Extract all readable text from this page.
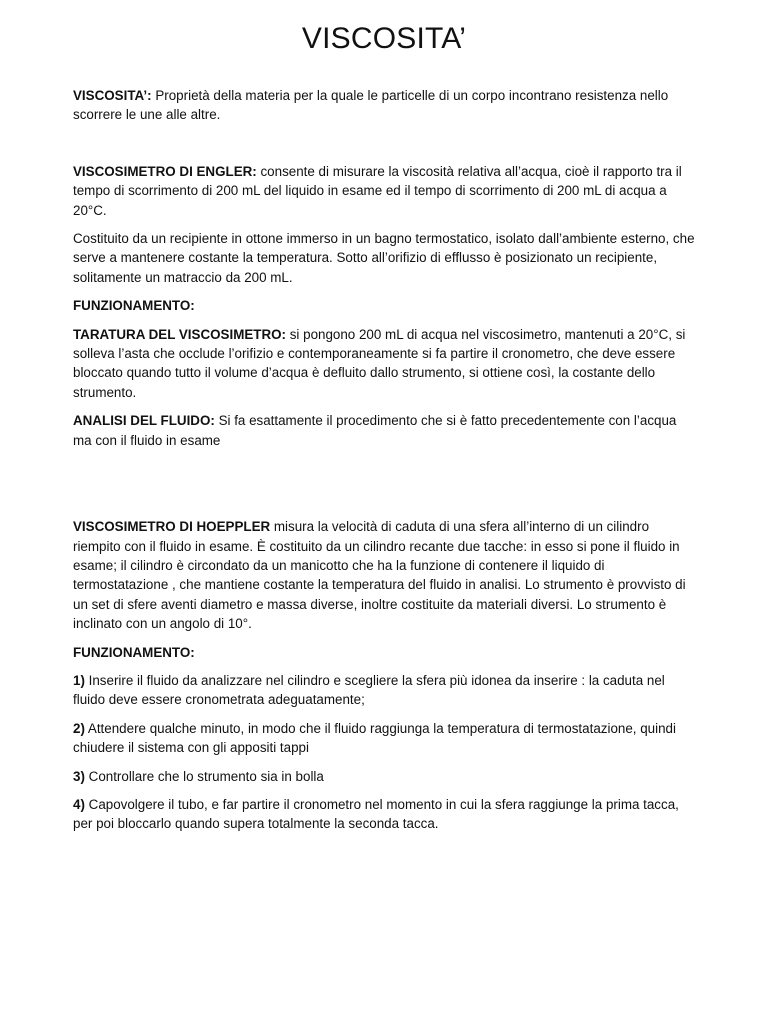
VISCOSITA’

VISCOSITA’: Proprietà della materia per la quale le particelle di un corpo incontrano resistenza nello scorrere le une alle altre.

VISCOSIMETRO DI ENGLER: consente di misurare la viscosità relativa all’acqua, cioè il rapporto tra il tempo di scorrimento di 200 mL del liquido in esame ed il tempo di scorrimento di 200 mL di acqua a 20°C.

Costituito da un recipiente in ottone immerso in un bagno termostatico, isolato dall’ambiente esterno, che serve a mantenere costante la temperatura. Sotto all’orifizio di efflusso è posizionato un recipiente, solitamente un matraccio da 200 mL.

FUNZIONAMENTO:

TARATURA DEL VISCOSIMETRO: si pongono 200 mL di acqua nel viscosimetro, mantenuti a 20°C, si solleva l’asta che occlude l’orifizio e contemporaneamente si fa partire il cronometro, che deve essere bloccato quando tutto il volume d’acqua è defluito dallo strumento, si ottiene così, la costante dello strumento.

ANALISI DEL FLUIDO: Si fa esattamente il procedimento che si è fatto precedentemente con l’acqua ma con il fluido in esame

VISCOSIMETRO DI HOEPPLER misura la velocità di caduta di una sfera all’interno di un cilindro riempito con il fluido in esame. È costituito da un cilindro recante due tacche: in esso si pone il fluido in esame; il cilindro è circondato da un manicotto che ha la funzione di contenere il liquido di termostatazione , che mantiene costante la temperatura del fluido in analisi. Lo strumento è provvisto di un set di sfere aventi diametro e massa diverse, inoltre costituite da materiali diversi. Lo strumento è inclinato con un angolo di 10°.

FUNZIONAMENTO:

1) Inserire il fluido da analizzare nel cilindro e scegliere la sfera più idonea da inserire : la caduta nel fluido deve essere cronometrata adeguatamente;

2) Attendere qualche minuto, in modo che il fluido raggiunga la temperatura di termostatazione, quindi chiudere il sistema con gli appositi tappi

3) Controllare che lo strumento sia in bolla

4) Capovolgere il tubo, e far partire il cronometro nel momento in cui la sfera raggiunge la prima tacca, per poi bloccarlo quando supera totalmente la seconda tacca.
